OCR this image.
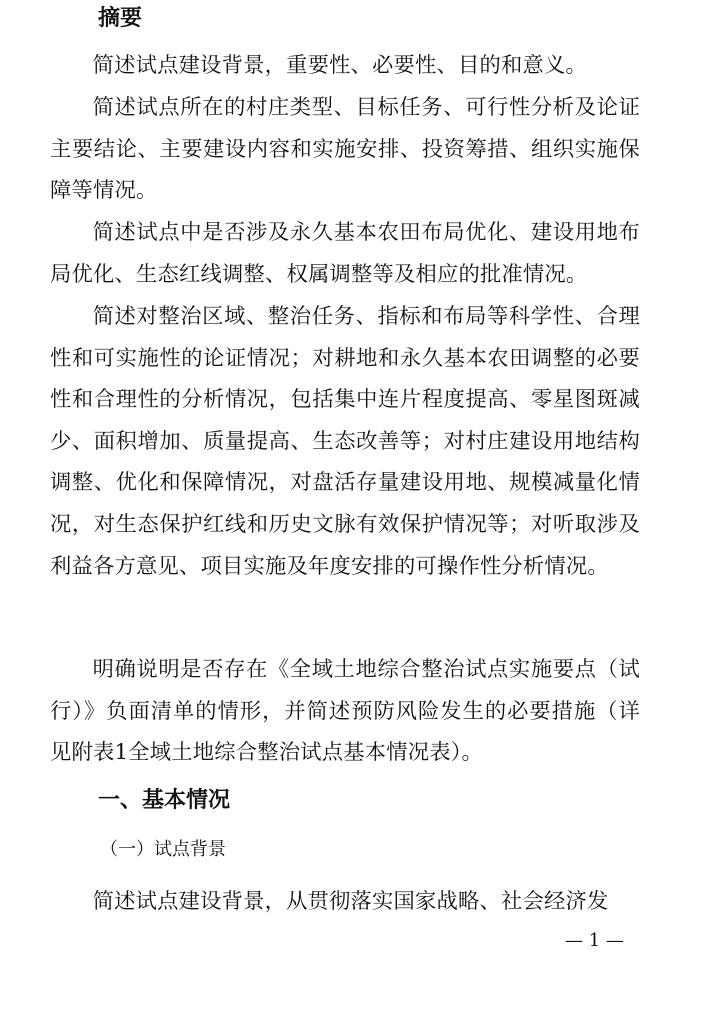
摘要
简述试点建设背景，重要性、必要性、目的和意义。
简述试点所在的村庄类型、目标任务、可行性分析及论证主要结论、主要建设内容和实施安排、投资筹措、组织实施保障等情况。
简述试点中是否涉及永久基本农田布局优化、建设用地布局优化、生态红线调整、权属调整等及相应的批准情况。
简述对整治区域、整治任务、指标和布局等科学性、合理性和可实施性的论证情况；对耕地和永久基本农田调整的必要性和合理性的分析情况，包括集中连片程度提高、零星图斑减少、面积增加、质量提高、生态改善等；对村庄建设用地结构调整、优化和保障情况，对盘活存量建设用地、规模减量化情况，对生态保护红线和历史文脉有效保护情况等；对听取涉及利益各方意见、项目实施及年度安排的可操作性分析情况。
明确说明是否存在《全域土地综合整治试点实施要点（试行）》负面清单的情形，并简述预防风险发生的必要措施（详见附表1全域土地综合整治试点基本情况表）。
一、基本情况
（一）试点背景
简述试点建设背景，从贯彻落实国家战略、社会经济发
— 1 —
